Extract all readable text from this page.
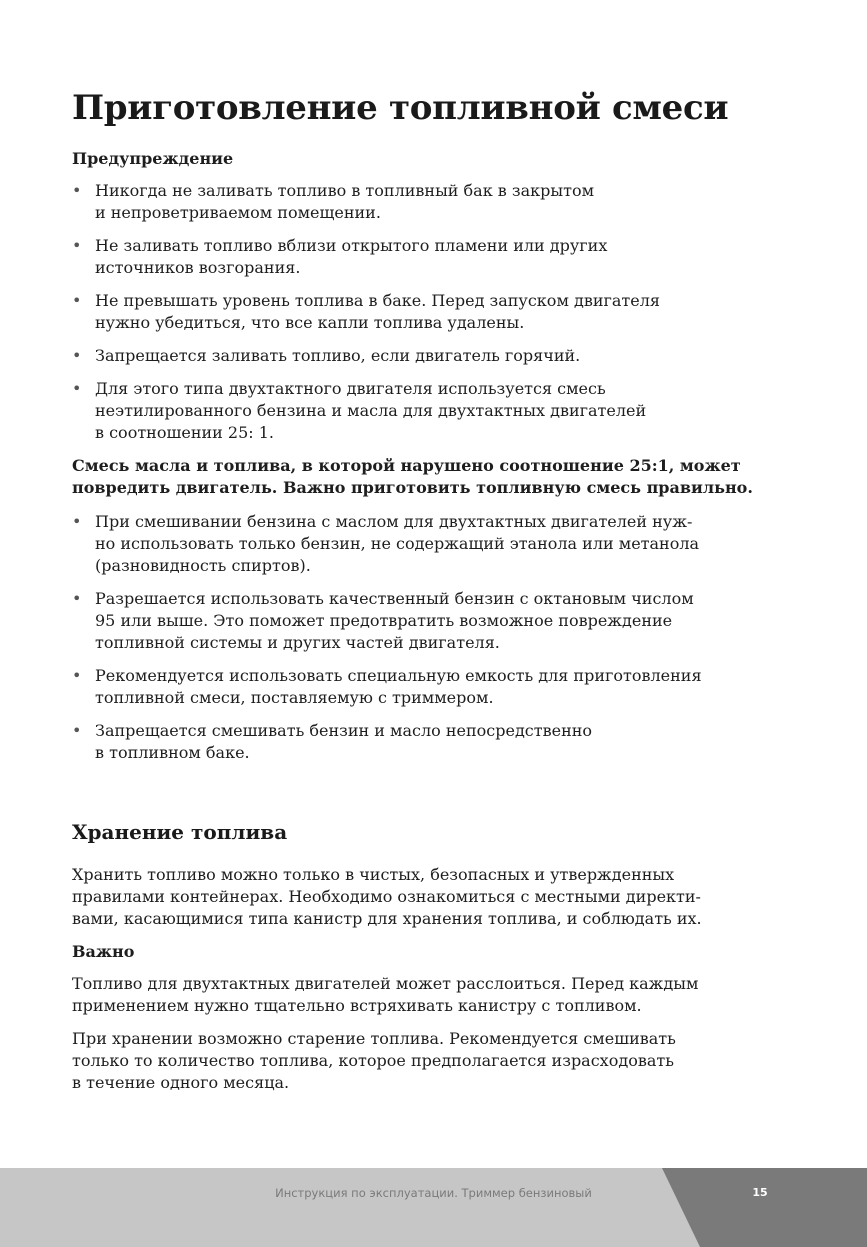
Приготовление топливной смеси
Предупреждение
• Никогда не заливать топливо в топливный бак в закрытом
и непроветриваемом помещении.
• Не заливать топливо вблизи открытого пламени или других
источников возгорания.
• Не превышать уровень топлива в баке. Перед запуском двигателя
нужно убедиться, что все капли топлива удалены.
• Запрещается заливать топливо, если двигатель горячий.
• Для этого типа двухтактного двигателя используется смесь
неэтилированного бензина и масла для двухтактных двигателей
в соотношении 25: 1.
Смесь масла и топлива, в которой нарушено соотношение 25:1, может
повредить двигатель. Важно приготовить топливную смесь правильно.
• При смешивании бензина с маслом для двухтактных двигателей нуж-
но использовать только бензин, не содержащий этанола или метанола
(разновидность спиртов).
• Разрешается использовать качественный бензин с октановым числом
95 или выше. Это поможет предотвратить возможное повреждение
топливной системы и других частей двигателя.
• Рекомендуется использовать специальную емкость для приготовления
топливной смеси, поставляемую с триммером.
• Запрещается смешивать бензин и масло непосредственно
в топливном баке.
Хранение топлива

Хранить топливо можно только в чистых, безопасных и утвержденных
правилами контейнерах. Необходимо ознакомиться с местными директи-
вами, касающимися типа канистр для хранения топлива, и соблюдать их.

Важно

Топливо для двухтактных двигателей может расслоиться. Перед каждым
применением нужно тщательно встряхивать канистру с топливом.

При хранении возможно старение топлива. Рекомендуется смешивать
только то количество топлива, которое предполагается израсходовать
в течение одного месяца.

Инструкция по эксплуатации. Триммер бензиновый	15
